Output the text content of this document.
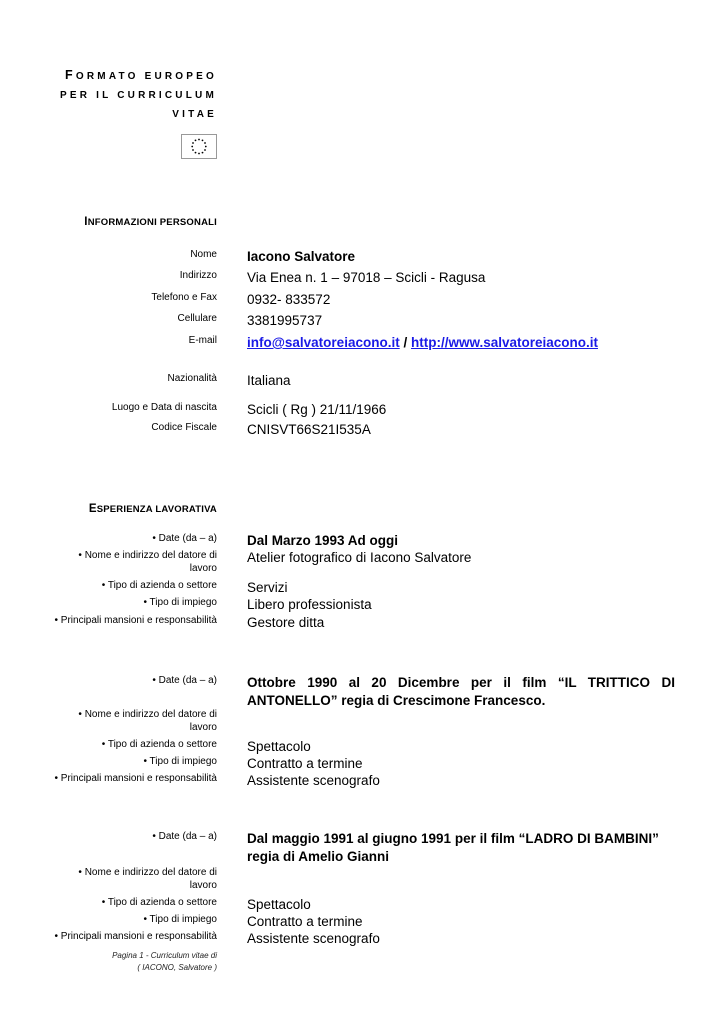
FORMATO EUROPEO
PER IL CURRICULUM
VITAE
INFORMAZIONI PERSONALI
Nome Iacono Salvatore
Indirizzo Via Enea n. 1 – 97018 – Scicli - Ragusa
Telefono e Fax 0932- 833572
Cellulare 3381995737
E-mail info@salvatoreiacono.it / http://www.salvatoreiacono.it
Nazionalità Italiana
Luogo e Data di nascita Scicli ( Rg ) 21/11/1966
Codice Fiscale CNISVT66S21I535A
ESPERIENZA LAVORATIVA
• Date (da – a) Dal Marzo 1993 Ad oggi
• Nome e indirizzo del datore di
lavoro
Atelier fotografico di Iacono Salvatore
• Tipo di azienda o settore Servizi
• Tipo di impiego Libero professionista
• Principali mansioni e responsabilità Gestore ditta
• Date (da – a) Ottobre 1990 al 20 Dicembre per il film “IL TRITTICO DI ANTONELLO” regia di Crescimone Francesco.
• Nome e indirizzo del datore di
lavoro
• Tipo di azienda o settore Spettacolo
• Tipo di impiego Contratto a termine
• Principali mansioni e responsabilità Assistente scenografo
• Date (da – a) Dal maggio 1991 al giugno 1991 per il film “LADRO DI BAMBINI” regia di Amelio Gianni
• Nome e indirizzo del datore di
lavoro
• Tipo di azienda o settore Spettacolo
• Tipo di impiego Contratto a termine
• Principali mansioni e responsabilità Assistente scenografo
Pagina 1 - Curriculum vitae di
( IACONO, Salvatore )
